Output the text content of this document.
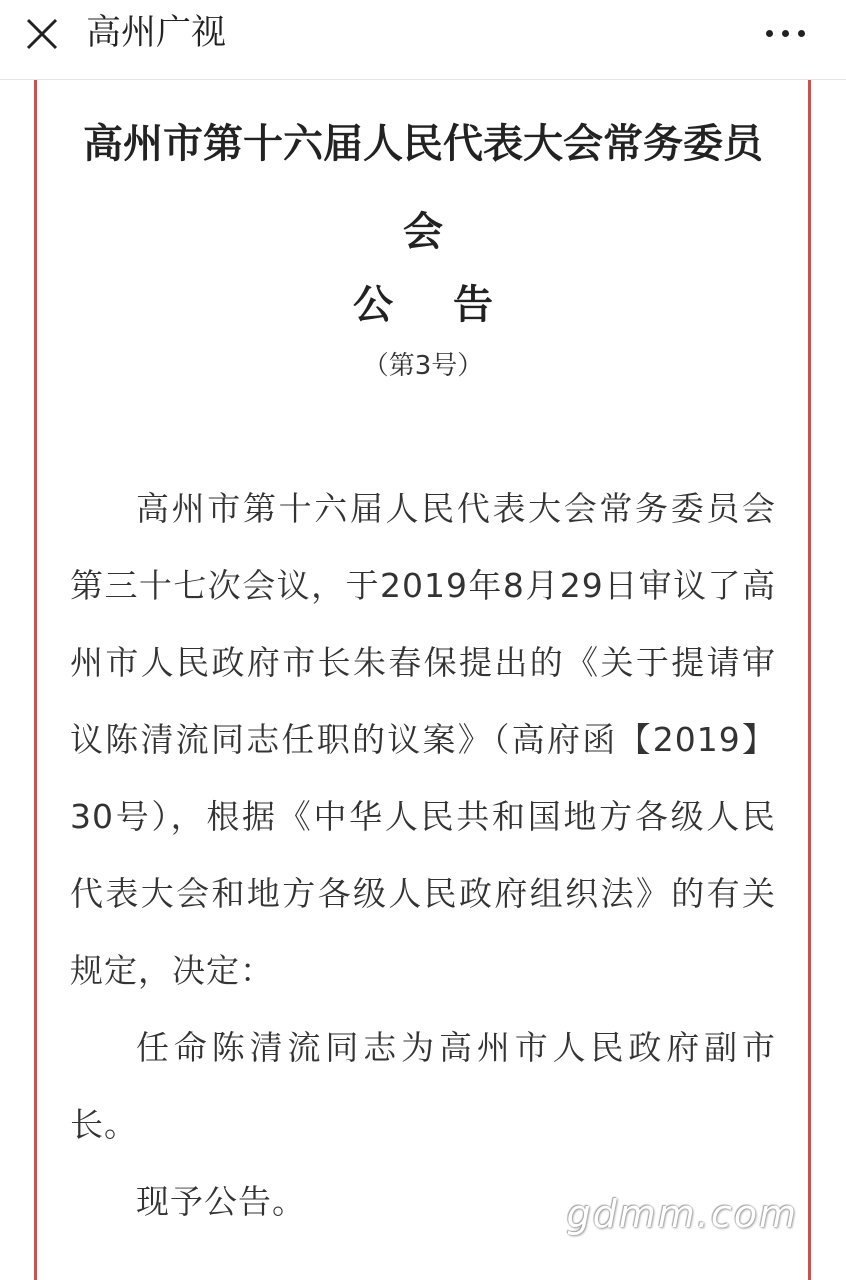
高州广视
高州市第十六届人民代表大会常务委员会
公告
（第3号）

高州市第十六届人民代表大会常务委员会第三十七次会议，于2019年8月29日审议了高州市人民政府市长朱春保提出的《关于提请审议陈清流同志任职的议案》（高府函【2019】30号），根据《中华人民共和国地方各级人民代表大会和地方各级人民政府组织法》的有关规定，决定：

任命陈清流同志为高州市人民政府副市长。

现予公告。	gdmm.com
